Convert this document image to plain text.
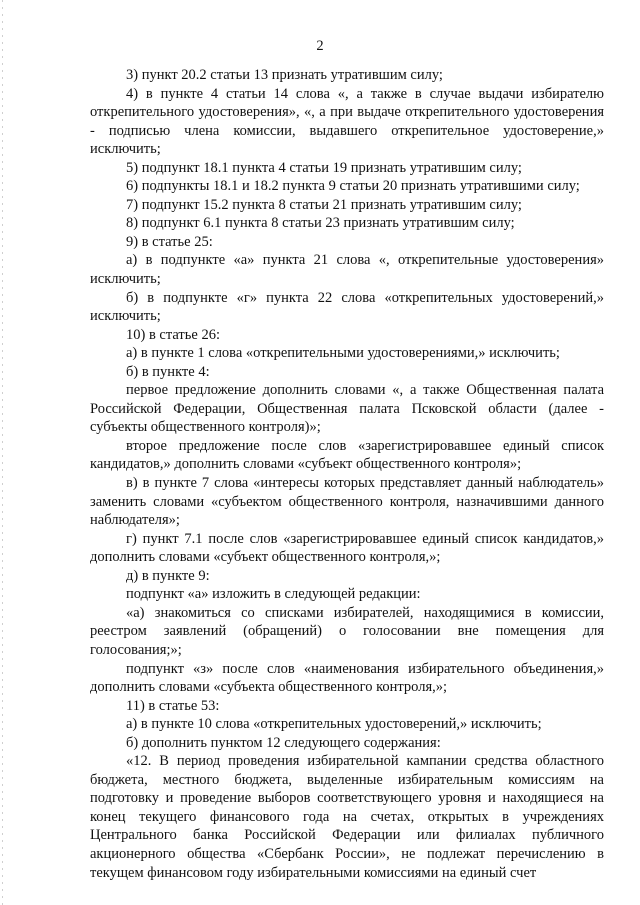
2

3) пункт 20.2 статьи 13 признать утратившим силу;

4) в пункте 4 статьи 14 слова «, а также в случае выдачи избирателю открепительного удостоверения», «, а при выдаче открепительного удостоверения - подписью члена комиссии, выдавшего открепительное удостоверение,» исключить;

5) подпункт 18.1 пункта 4 статьи 19 признать утратившим силу;

6) подпункты 18.1 и 18.2 пункта 9 статьи 20 признать утратившими силу;

7) подпункт 15.2 пункта 8 статьи 21 признать утратившим силу;

8) подпункт 6.1 пункта 8 статьи 23 признать утратившим силу;

9) в статье 25:

а) в подпункте «а» пункта 21 слова «, открепительные удостоверения» исключить;

б) в подпункте «г» пункта 22 слова «открепительных удостоверений,» исключить;

10) в статье 26:

а) в пункте 1 слова «открепительными удостоверениями,» исключить;

б) в пункте 4:

первое предложение дополнить словами «, а также Общественная палата Российской Федерации, Общественная палата Псковской области (далее - субъекты общественного контроля)»;

второе предложение после слов «зарегистрировавшее единый список кандидатов,» дополнить словами «субъект общественного контроля»;

в) в пункте 7 слова «интересы которых представляет данный наблюдатель» заменить словами «субъектом общественного контроля, назначившими данного наблюдателя»;

г) пункт 7.1 после слов «зарегистрировавшее единый список кандидатов,» дополнить словами «субъект общественного контроля,»;

д) в пункте 9:

подпункт «а» изложить в следующей редакции:

«а) знакомиться со списками избирателей, находящимися в комиссии, реестром заявлений (обращений) о голосовании вне помещения для голосования;»;

подпункт «з» после слов «наименования избирательного объединения,» дополнить словами «субъекта общественного контроля,»;

11) в статье 53:

а) в пункте 10 слова «открепительных удостоверений,» исключить;

б) дополнить пунктом 12 следующего содержания:

«12. В период проведения избирательной кампании средства областного бюджета, местного бюджета, выделенные избирательным комиссиям на подготовку и проведение выборов соответствующего уровня и находящиеся на конец текущего финансового года на счетах, открытых в учреждениях Центрального банка Российской Федерации или филиалах публичного акционерного общества «Сбербанк России», не подлежат перечислению в текущем финансовом году избирательными комиссиями на единый счет
